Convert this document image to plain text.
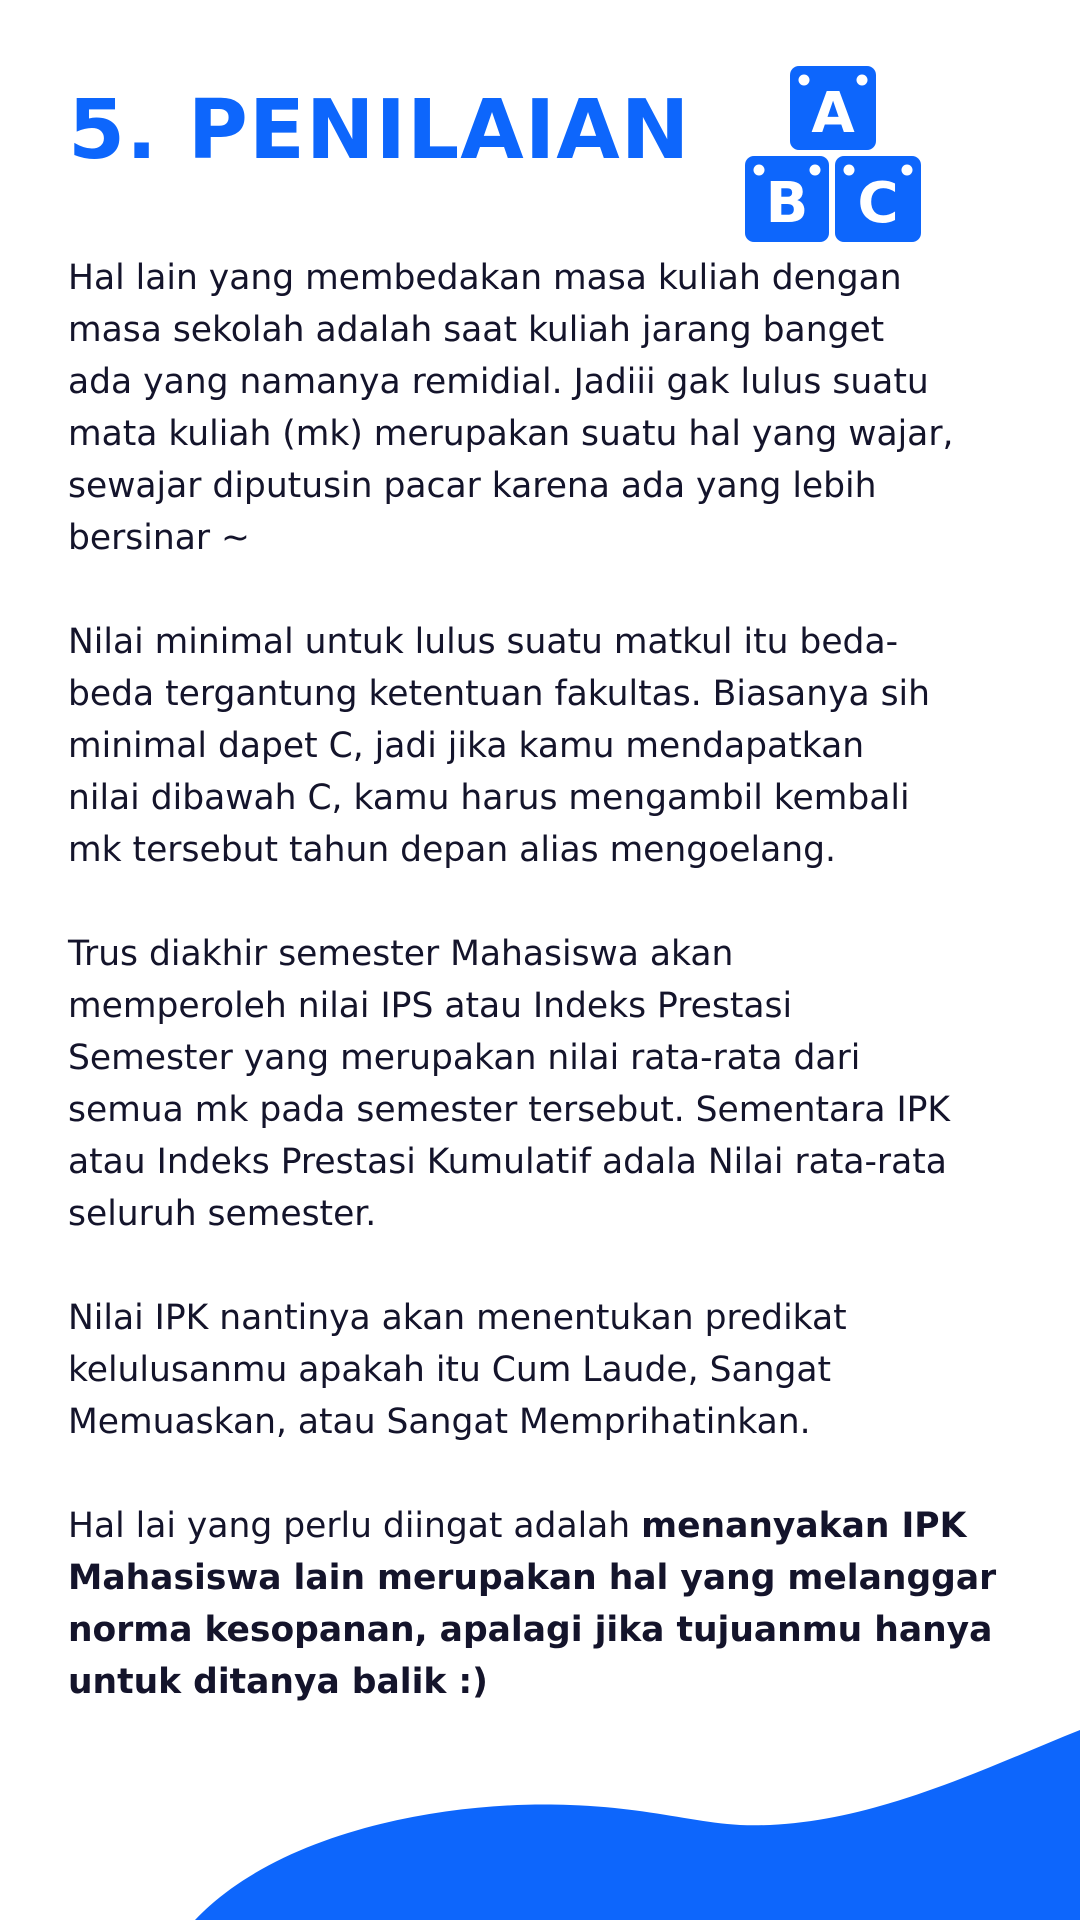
5. PENILAIAN A
B C

Hal lain yang membedakan masa kuliah dengan
masa sekolah adalah saat kuliah jarang banget
ada yang namanya remidial. Jadiii gak lulus suatu
mata kuliah (mk) merupakan suatu hal yang wajar,
sewajar diputusin pacar karena ada yang lebih
bersinar ~

Nilai minimal untuk lulus suatu matkul itu beda-
beda tergantung ketentuan fakultas. Biasanya sih
minimal dapet C, jadi jika kamu mendapatkan
nilai dibawah C, kamu harus mengambil kembali
mk tersebut tahun depan alias mengoelang.

Trus diakhir semester Mahasiswa akan
memperoleh nilai IPS atau Indeks Prestasi
Semester yang merupakan nilai rata-rata dari
semua mk pada semester tersebut. Sementara IPK
atau Indeks Prestasi Kumulatif adala Nilai rata-rata
seluruh semester.

Nilai IPK nantinya akan menentukan predikat
kelulusanmu apakah itu Cum Laude, Sangat
Memuaskan, atau Sangat Memprihatinkan.

Hal lai yang perlu diingat adalah menanyakan IPK
Mahasiswa lain merupakan hal yang melanggar
norma kesopanan, apalagi jika tujuanmu hanya
untuk ditanya balik :)
